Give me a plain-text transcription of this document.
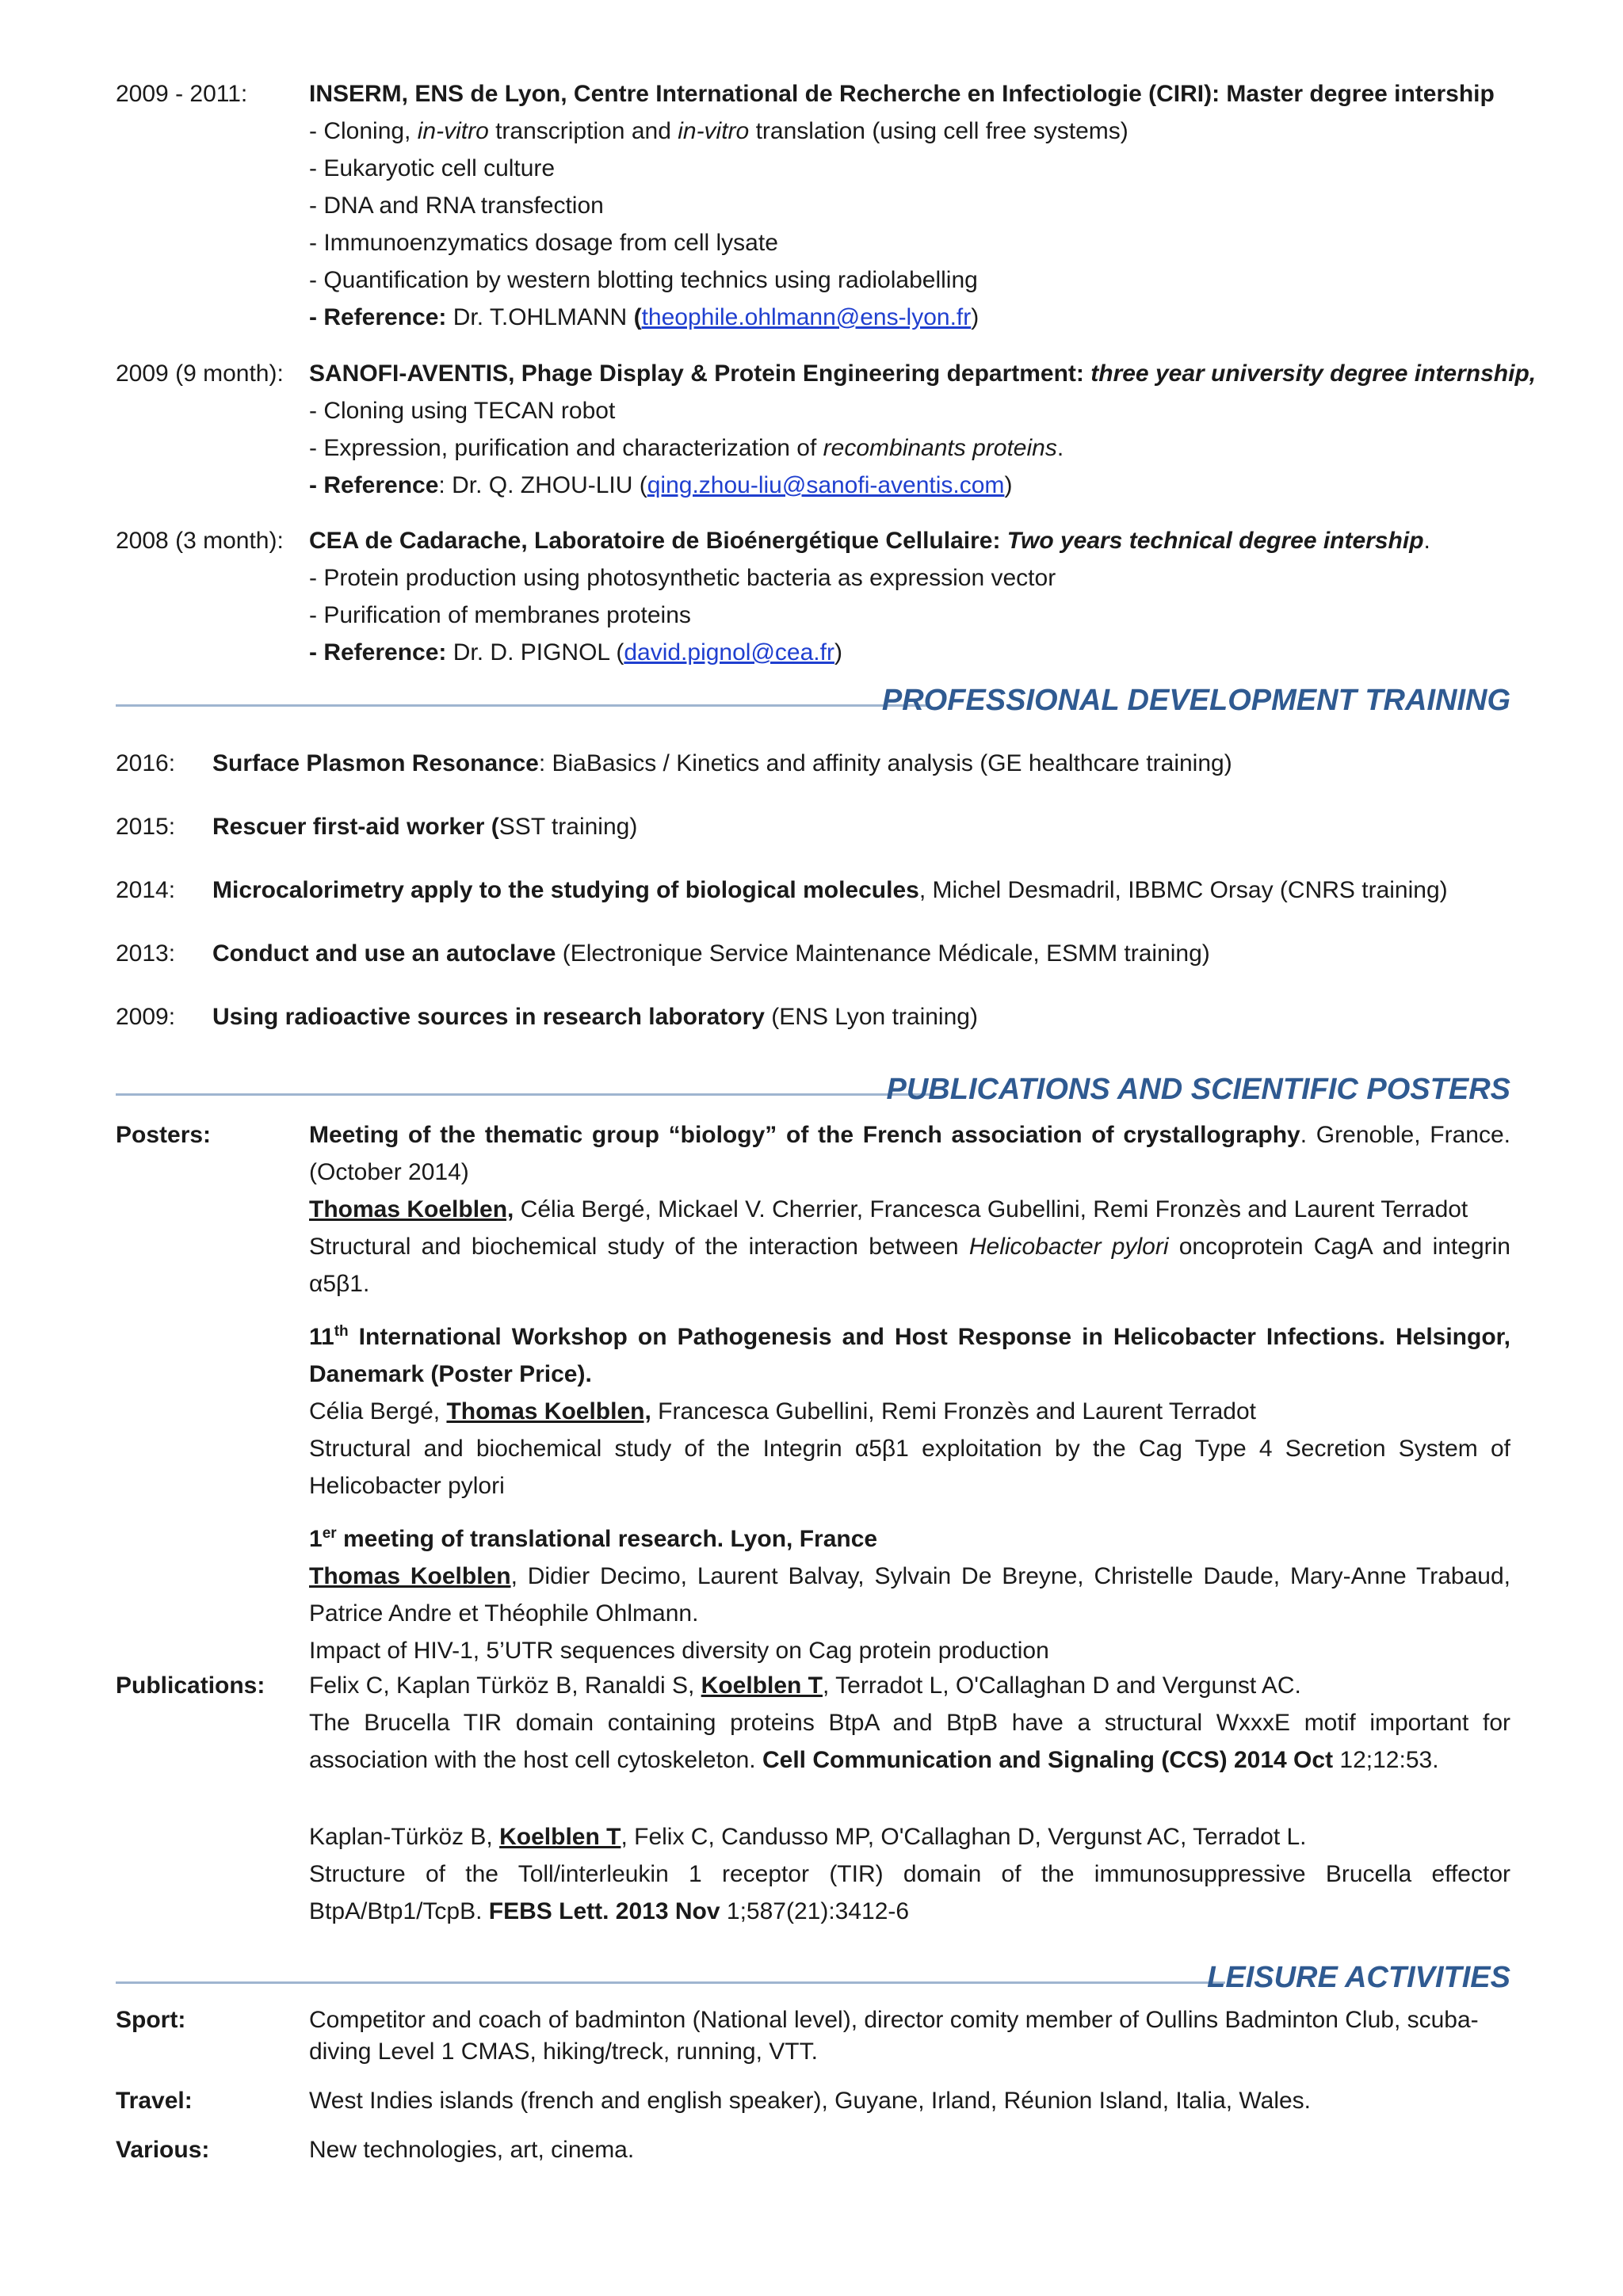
2009 - 2011:	INSERM, ENS de Lyon, Centre International de Recherche en Infectiologie (CIRI): Master degree intership
- Cloning, in-vitro transcription and in-vitro translation (using cell free systems)
- Eukaryotic cell culture
- DNA and RNA transfection
- Immunoenzymatics dosage from cell lysate
- Quantification by western blotting technics using radiolabelling
- Reference: Dr. T.OHLMANN (theophile.ohlmann@ens-lyon.fr)
2009 (9 month): SANOFI-AVENTIS, Phage Display & Protein Engineering department: three year university degree internship,
- Cloning using TECAN robot
- Expression, purification and characterization of recombinants proteins.
- Reference: Dr. Q. ZHOU-LIU (qing.zhou-liu@sanofi-aventis.com)
2008 (3 month): CEA de Cadarache, Laboratoire de Bioénergétique Cellulaire: Two years technical degree intership.
- Protein production using photosynthetic bacteria as expression vector
- Purification of membranes proteins
- Reference: Dr. D. PIGNOL (david.pignol@cea.fr)
PROFESSIONAL DEVELOPMENT TRAINING
2016: Surface Plasmon Resonance: BiaBasics / Kinetics and affinity analysis (GE healthcare training)
2015: Rescuer first-aid worker (SST training)
2014: Microcalorimetry apply to the studying of biological molecules, Michel Desmadril, IBBMC Orsay (CNRS training)
2013: Conduct and use an autoclave (Electronique Service Maintenance Médicale, ESMM training)
2009: Using radioactive sources in research laboratory (ENS Lyon training)
PUBLICATIONS AND SCIENTIFIC POSTERS
Posters:	Meeting of the thematic group “biology” of the French association of crystallography. Grenoble, France. (October 2014)
Thomas Koelblen, Célia Bergé, Mickael V. Cherrier, Francesca Gubellini, Remi Fronzès and Laurent Terradot
Structural and biochemical study of the interaction between Helicobacter pylori oncoprotein CagA and integrin α5β1.
11th International Workshop on Pathogenesis and Host Response in Helicobacter Infections. Helsingor, Danemark (Poster Price).
Célia Bergé, Thomas Koelblen, Francesca Gubellini, Remi Fronzès and Laurent Terradot
Structural and biochemical study of the Integrin α5β1 exploitation by the Cag Type 4 Secretion System of Helicobacter pylori
1er meeting of translational research. Lyon, France
Thomas Koelblen, Didier Decimo, Laurent Balvay, Sylvain De Breyne, Christelle Daude, Mary-Anne Trabaud, Patrice Andre et Théophile Ohlmann.
Impact of HIV-1, 5’UTR sequences diversity on Cag protein production
Publications: Felix C, Kaplan Türköz B, Ranaldi S, Koelblen T, Terradot L, O'Callaghan D and Vergunst AC.
The Brucella TIR domain containing proteins BtpA and BtpB have a structural WxxxE motif important for association with the host cell cytoskeleton. Cell Communication and Signaling (CCS) 2014 Oct 12;12:53.
Kaplan-Türköz B, Koelblen T, Felix C, Candusso MP, O'Callaghan D, Vergunst AC, Terradot L.
Structure of the Toll/interleukin 1 receptor (TIR) domain of the immunosuppressive Brucella effector BtpA/Btp1/TcpB. FEBS Lett. 2013 Nov 1;587(21):3412-6
LEISURE ACTIVITIES
Sport:	Competitor and coach of badminton (National level), director comity member of Oullins Badminton Club, scuba-diving Level 1 CMAS, hiking/treck, running, VTT.
Travel:	West Indies islands (french and english speaker), Guyane, Irland, Réunion Island, Italia, Wales.
Various:	New technologies, art, cinema.
